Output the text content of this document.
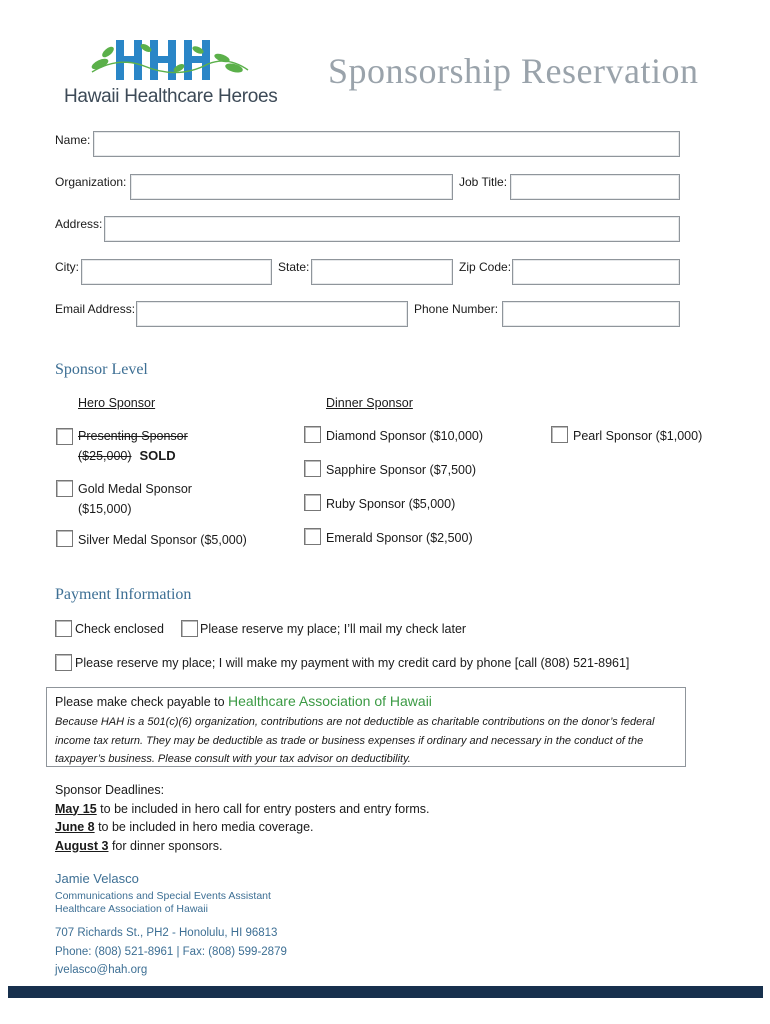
Hawaii Healthcare Heroes
Sponsorship Reservation
Name:
Organization:	Job Title:
Address:
City:	State:	Zip Code:
Email Address:	Phone Number:
Sponsor Level
Hero Sponsor	Dinner Sponsor
Presenting Sponsor
($25,000) SOLD
Gold Medal Sponsor
($15,000)
Silver Medal Sponsor ($5,000)
Diamond Sponsor ($10,000)
Sapphire Sponsor ($7,500)
Ruby Sponsor ($5,000)
Emerald Sponsor ($2,500)
Pearl Sponsor ($1,000)
Payment Information
Check enclosed	Please reserve my place; I’ll mail my check later
Please reserve my place; I will make my payment with my credit card by phone [call (808) 521-8961]
Please make check payable to Healthcare Association of Hawaii
Because HAH is a 501(c)(6) organization, contributions are not deductible as charitable contributions on the donor’s federal income tax return. They may be deductible as trade or business expenses if ordinary and necessary in the conduct of the taxpayer’s business. Please consult with your tax advisor on deductibility.
Sponsor Deadlines:
May 15 to be included in hero call for entry posters and entry forms.
June 8 to be included in hero media coverage.
August 3 for dinner sponsors.
Jamie Velasco
Communications and Special Events Assistant
Healthcare Association of Hawaii
707 Richards St., PH2 - Honolulu, HI 96813
Phone: (808) 521-8961 | Fax: (808) 599-2879
jvelasco@hah.org
